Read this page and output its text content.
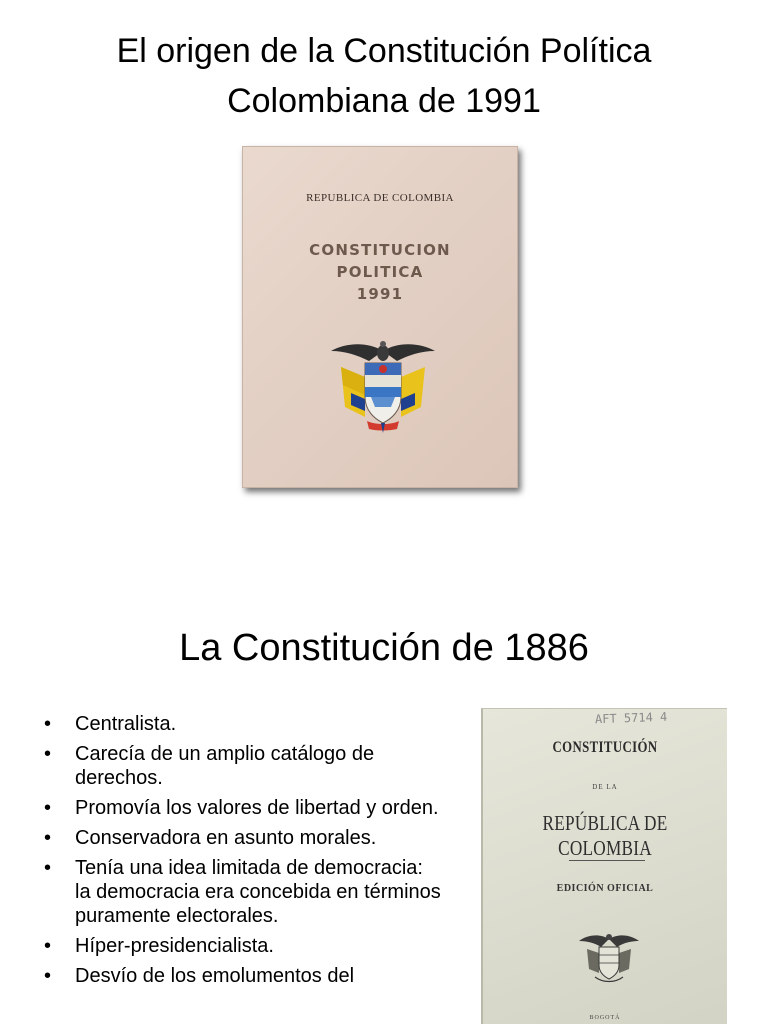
El origen de la Constitución Política
Colombiana de 1991
REPUBLICA DE COLOMBIA
CONSTITUCION
POLITICA
1991
La Constitución de 1886
• Centralista.
• Carecía de un amplio catálogo de derechos.
• Promovía los valores de libertad y orden.
• Conservadora en asunto morales.
• Tenía una idea limitada de democracia: la democracia era concebida en términos puramente electorales.
• Híper-presidencialista.
• Desvío de los emolumentos del
AFT 5714 4
CONSTITUCIÓN
DE LA
REPÚBLICA DE COLOMBIA
EDICIÓN OFICIAL
BOGOTÁ
